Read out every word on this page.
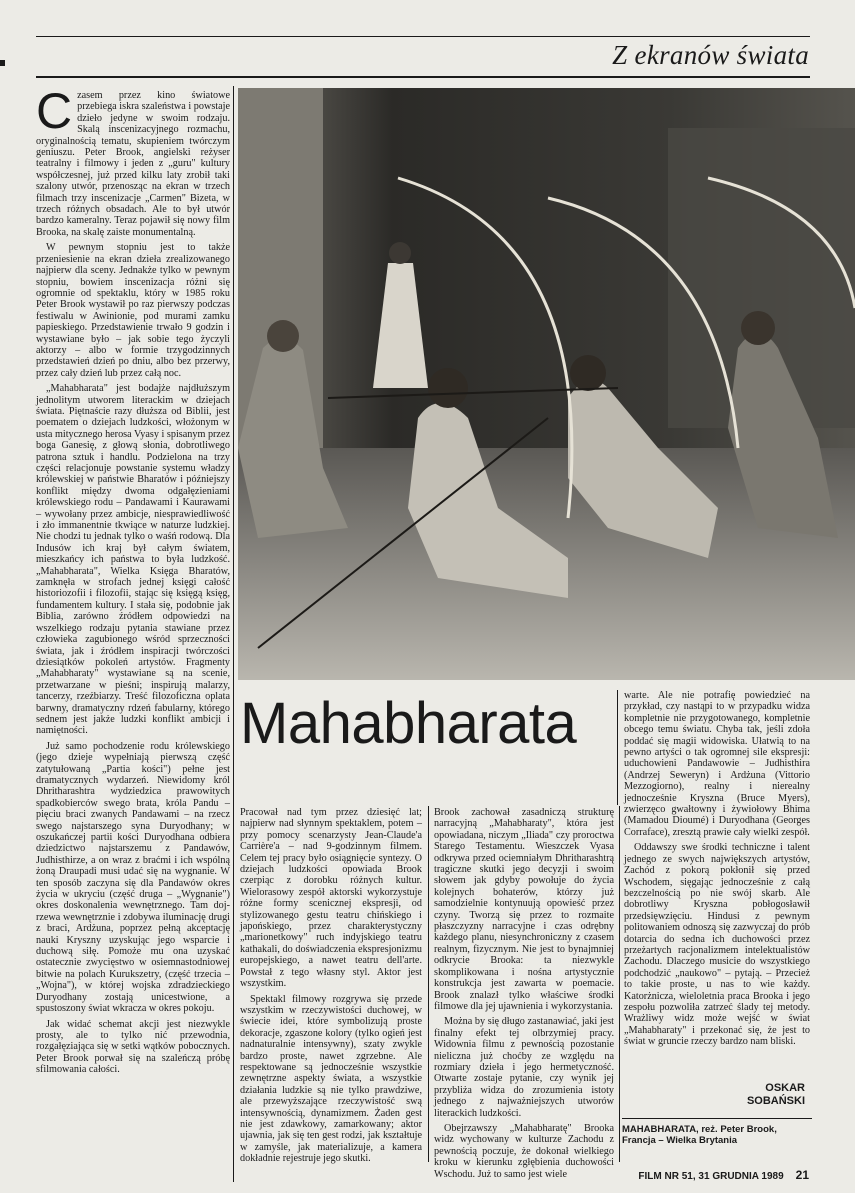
Z ekranów świata

Czasem przez kino światowe przebiega iskra szaleństwa i powstaje dzieło jedyne w swoim rodzaju. Skalą inscenizacyjnego rozmachu, oryginalnością tematu, skupieniem twórczym geniuszu. Peter Brook, angielski reżyser teatralny i filmowy i jeden z „guru" kultury współczesnej, już przed kilku laty zrobił taki szalony utwór, przenosząc na ekran w trzech filmach trzy inscenizacje „Carmen" Bizeta, w trzech różnych obsadach. Ale to był utwór bardzo kameralny. Teraz pojawił się nowy film Brooka, na skalę zaiste monumentalną.

W pewnym stopniu jest to także przeniesienie na ekran dzieła zrealizowanego najpierw dla sceny. Jednakże tylko w pewnym stopniu, bowiem inscenizacja różni się ogromnie od spektaklu, który w 1985 roku Peter Brook wystawił po raz pierwszy podczas festiwalu w Awinionie, pod murami zamku papieskiego. Przedstawienie trwało 9 godzin i wystawiane było – jak sobie tego życzyli aktorzy – albo w formie trzygodzinnych przedstawień dzień po dniu, albo bez przerwy, przez cały dzień lub przez całą noc.

„Mahabharata" jest bodajże najdłuższym jednolitym utworem literackim w dziejach świata. Piętnaście razy dłuższa od Biblii, jest poematem o dziejach ludzkości, włożonym w usta mitycznego herosa Vyasy i spisanym przez boga Ganesię, z głową słonia, dobrotliwego patrona sztuk i handlu. Podzielona na trzy części relacjonuje powstanie systemu władzy królewskiej w państwie Bharatów i późniejszy konflikt między dwoma odgałęzieniami królewskiego rodu – Pandawami i Kaurawami – wywołany przez ambicje, niesprawiedliwość i zło immanentnie tkwiące w naturze ludzkiej. Nie chodzi tu jednak tylko o waśń rodową. Dla Indusów ich kraj był całym światem, mieszkańcy ich państwa to była ludzkość. „Mahabharata", Wielka Księga Bharatów, zamknęła w strofach jednej księgi całość historiozofii i filozofii, stając się księgą księg, fundamentem kultury. I stała się, podobnie jak Biblia, zarówno źródłem odpowiedzi na wszelkiego rodzaju pytania stawiane przez człowieka zagubionego wśród sprzeczności świata, jak i źródłem inspiracji twórczości dziesiątków pokoleń artystów. Fragmenty „Mahabharaty" wystawiane są na scenie, przetwarzane w pieśni; inspirują malarzy, tancerzy, rzeźbiarzy. Treść filozoficzna oplata barwny, dramatyczny rdzeń fabularny, którego sednem jest jakże ludzki konflikt ambicji i namiętności.

Już samo pochodzenie rodu królewskiego (jego dzieje wypełniają pierwszą część zatytułowaną „Partia kości") pełne jest dramatycznych wydarzeń. Niewidomy król Dhritharashtra wydziedzica prawowitych spadkobierców swego brata, króla Pandu – pięciu braci zwanych Pandawami – na rzecz swego najstarszego syna Duryodhany; w oszukańczej partii kości Duryodhana odbiera dziedzictwo najstarszemu z Pandawów, Judhisthirze, a on wraz z braćmi i ich wspólną żoną Draupadi musi udać się na wygnanie. W ten sposób zaczyna się dla Pandawów okres życia w ukryciu (część druga – „Wygnanie") okres doskonalenia wewnętrznego. Tam dojrzewa wewnętrznie i zdobywa iluminację drugi z braci, Ardżuna, poprzez pełną akceptację nauki Kryszny uzyskując jego wsparcie i duchową siłę. Pomoże mu ona uzyskać ostatecznie zwycięstwo w osiemnastodniowej bitwie na polach Kurukszetry, (część trzecia – „Wojna"), w której wojska zdradzieckiego Duryodhany zostają unicestwione, a spustoszony świat wkracza w okres pokoju.

Jak widać schemat akcji jest niezwykle prosty, ale to tylko nić przewodnia, rozgałęziająca się w setki wątków pobocznych. Peter Brook porwał się na szaleńczą próbę sfilmowania całości.

Mahabharata

Pracował nad tym przez dziesięć lat; najpierw nad słynnym spektaklem, potem – przy pomocy scenarzysty Jean-Claude'a Carrière'a – nad 9-godzinnym filmem. Celem tej pracy było osiągnięcie syntezy. O dziejach ludzkości opowiada Brook czerpiąc z dorobku różnych kultur. Wielorasowy zespół aktorski wykorzystuje różne formy scenicznej ekspresji, od stylizowanego gestu teatru chińskiego i japońskiego, przez charakterystyczny „marionetkowy" ruch indyjskiego teatru kathakali, do doświadczenia ekspresjonizmu europejskiego, a nawet teatru dell'arte. Powstał z tego własny styl. Aktor jest wszystkim.

Spektakl filmowy rozgrywa się przede wszystkim w rzeczywistości duchowej, w świecie idei, które symbolizują proste dekoracje, zgaszone kolory (tylko ogień jest nadnaturalnie intensywny), szaty zwykle bardzo proste, nawet zgrzebne. Ale respektowane są jednocześnie wszystkie zewnętrzne aspekty świata, a wszystkie działania ludzkie są nie tylko prawdziwe, ale przewyższające rzeczywistość swą intensywnością, dynamizmem. Żaden gest nie jest zdawkowy, zamarkowany; aktor ujawnia, jak się ten gest rodzi, jak kształtuje w zamyśle, jak materializuje, a kamera dokładnie rejestruje jego skutki.

Brook zachował zasadniczą strukturę narracyjną „Mahabharaty", która jest opowiadana, niczym „Iliada" czy proroctwa Starego Testamentu. Wieszczek Vyasa odkrywa przed ociemniałym Dhritharashtrą tragiczne skutki jego decyzji i swoim słowem jak gdyby powołuje do życia kolejnych bohaterów, którzy już samodzielnie kontynuują opowieść przez czyny. Tworzą się przez to rozmaite płaszczyzny narracyjne i czas odrębny każdego planu, niesynchroniczny z czasem realnym, fizycznym. Nie jest to bynajmniej odkrycie Brooka: ta niezwykle skomplikowana i nośna artystycznie konstrukcja jest zawarta w poemacie. Brook znalazł tylko właściwe środki filmowe dla jej ujawnienia i wykorzystania.

Można by się długo zastanawiać, jaki jest finalny efekt tej olbrzymiej pracy. Widownia filmu z pewnością pozostanie nieliczna już choćby ze względu na rozmiary dzieła i jego hermetyczność. Otwarte zostaje pytanie, czy wynik jej przybliża widza do zrozumienia istoty jednego z najważniejszych utworów literackich ludzkości.

Obejrzawszy „Mahabharatę" Brooka widz wychowany w kulturze Zachodu z pewnością poczuje, że dokonał wielkiego kroku w kierunku zgłębienia duchowości Wschodu. Już to samo jest wiele

warte. Ale nie potrafię powiedzieć na przykład, czy nastąpi to w przypadku widza kompletnie nie przygotowanego, kompletnie obcego temu światu. Chyba tak, jeśli zdoła poddać się magii widowiska. Ułatwią to na pewno artyści o tak ogromnej sile ekspresji: uduchowieni Pandawowie – Judhisthira (Andrzej Seweryn) i Ardżuna (Vittorio Mezzogiorno), realny i nierealny jednocześnie Kryszna (Bruce Myers), zwierzęco gwałtowny i żywiołowy Bhima (Mamadou Dioumé) i Duryodhana (Georges Corraface), zresztą prawie cały wielki zespół.

Oddawszy swe środki techniczne i talent jednego ze swych największych artystów, Zachód z pokorą pokłonił się przed Wschodem, sięgając jednocześnie z całą bezczelnością po nie swój skarb. Ale dobrotliwy Kryszna pobłogosławił przedsięwzięciu. Hindusi z pewnym politowaniem odnoszą się zazwyczaj do prób dotarcia do sedna ich duchowości przez przeżartych racjonalizmem intelektualistów Zachodu. Dlaczego musicie do wszystkiego podchodzić „naukowo" – pytają. – Przecież to takie proste, u nas to wie każdy. Katorżnicza, wieloletnia praca Brooka i jego zespołu pozwoliła zatrzeć ślady tej metody. Wrażliwy widz może wejść w świat „Mahabharaty" i przekonać się, że jest to świat w gruncie rzeczy bardzo nam bliski.

OSKAR
SOBAŃSKI
MAHABHARATA, reż. Peter Brook, Francja – Wielka Brytania
FILM NR 51, 31 GRUDNIA 1989 21
